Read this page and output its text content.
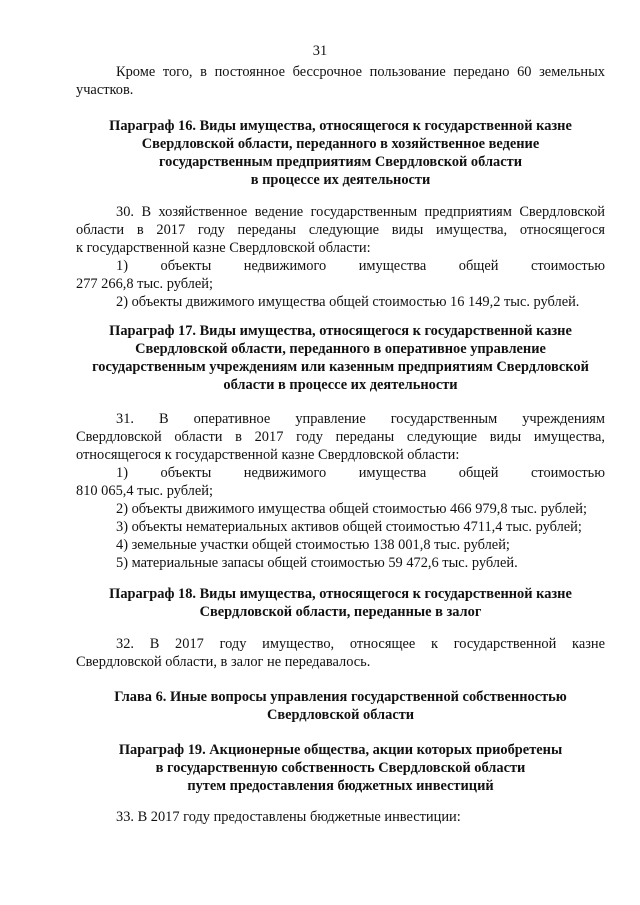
31
Кроме того, в постоянное бессрочное пользование передано 60 земельных
участков.
Параграф 16. Виды имущества, относящегося к государственной казне
Свердловской области, переданного в хозяйственное ведение
государственным предприятиям Свердловской области
в процессе их деятельности
30. В хозяйственное ведение государственным предприятиям Свердловской
области в 2017 году переданы следующие виды имущества, относящегося
к государственной казне Свердловской области:
1) объекты недвижимого имущества общей стоимостью
277 266,8 тыс. рублей;
2) объекты движимого имущества общей стоимостью 16 149,2 тыс. рублей.
Параграф 17. Виды имущества, относящегося к государственной казне
Свердловской области, переданного в оперативное управление
государственным учреждениям или казенным предприятиям Свердловской
области в процессе их деятельности
31. В оперативное управление государственным учреждениям
Свердловской области в 2017 году переданы следующие виды имущества,
относящегося к государственной казне Свердловской области:
1) объекты недвижимого имущества общей стоимостью
810 065,4 тыс. рублей;
2) объекты движимого имущества общей стоимостью 466 979,8 тыс. рублей;
3) объекты нематериальных активов общей стоимостью 4711,4 тыс. рублей;
4) земельные участки общей стоимостью 138 001,8 тыс. рублей;
5) материальные запасы общей стоимостью 59 472,6 тыс. рублей.
Параграф 18. Виды имущества, относящегося к государственной казне
Свердловской области, переданные в залог
32. В 2017 году имущество, относящее к государственной казне
Свердловской области, в залог не передавалось.
Глава 6. Иные вопросы управления государственной собственностью
Свердловской области
Параграф 19. Акционерные общества, акции которых приобретены
в государственную собственность Свердловской области
путем предоставления бюджетных инвестиций
33. В 2017 году предоставлены бюджетные инвестиции:
